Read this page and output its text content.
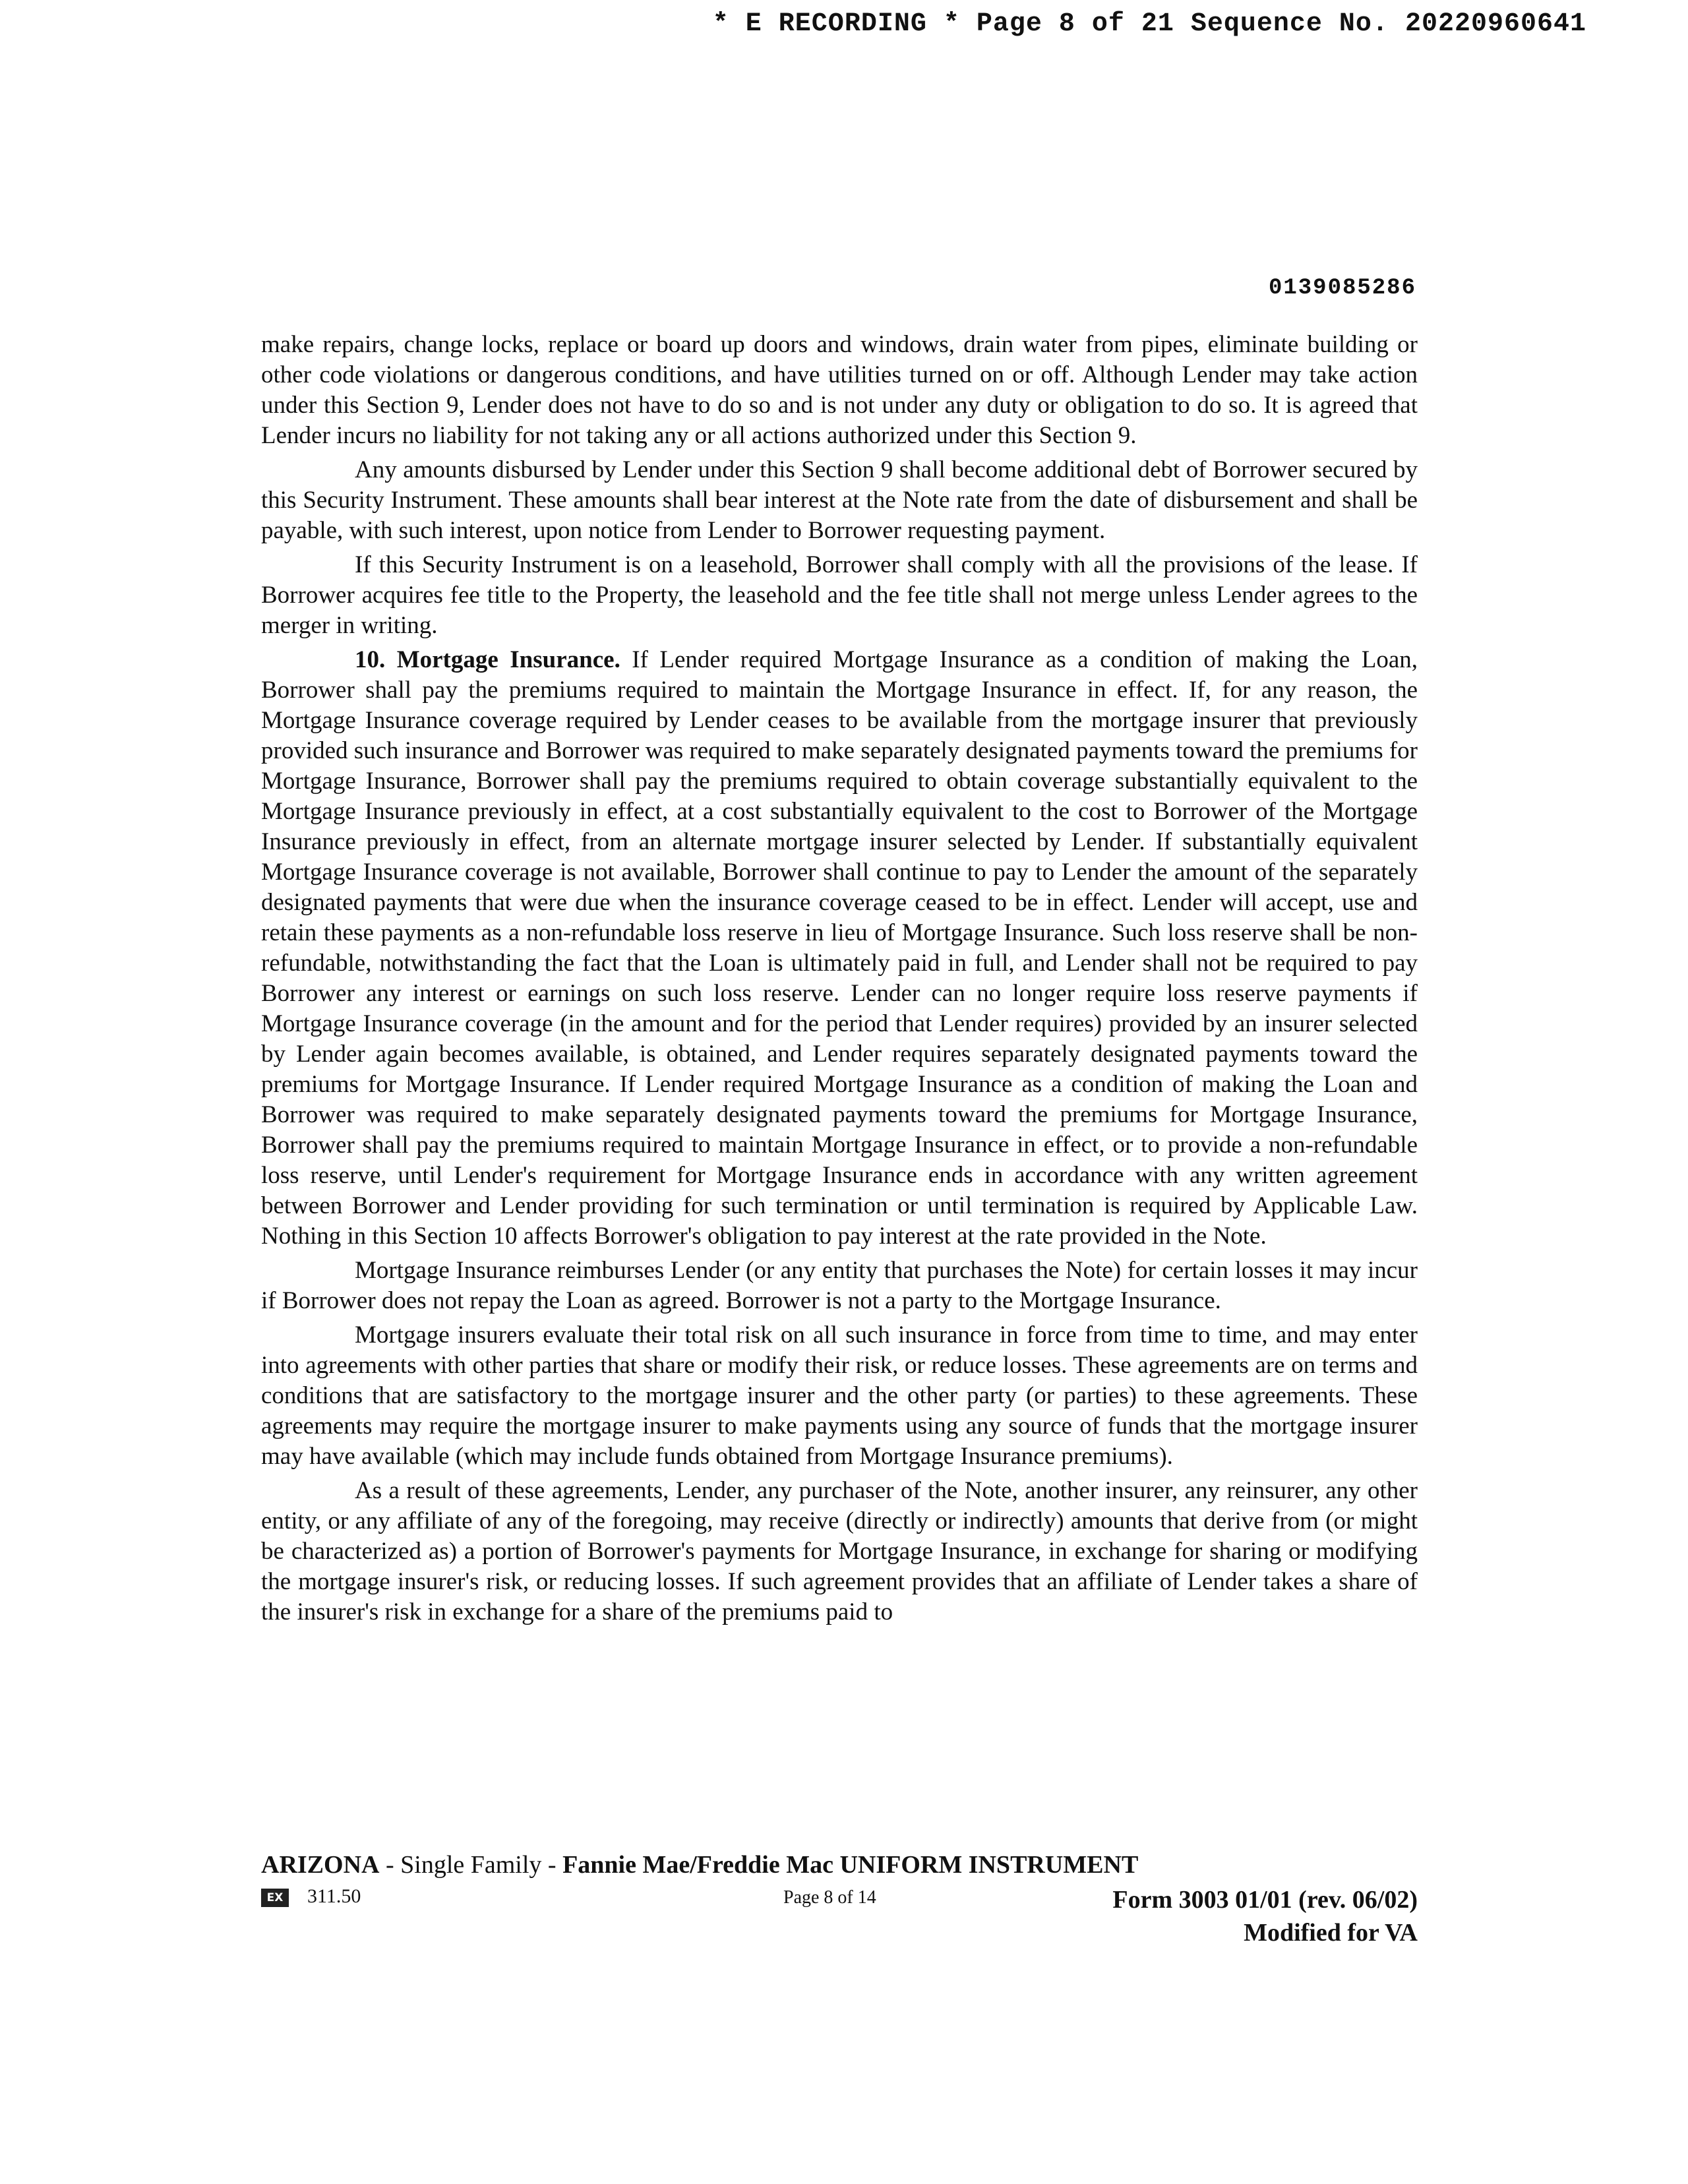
* E RECORDING * Page 8 of 21 Sequence No. 20220960641
0139085286

make repairs, change locks, replace or board up doors and windows, drain water from pipes, eliminate building or other code violations or dangerous conditions, and have utilities turned on or off. Although Lender may take action under this Section 9, Lender does not have to do so and is not under any duty or obligation to do so. It is agreed that Lender incurs no liability for not taking any or all actions authorized under this Section 9.

Any amounts disbursed by Lender under this Section 9 shall become additional debt of Borrower secured by this Security Instrument. These amounts shall bear interest at the Note rate from the date of disbursement and shall be payable, with such interest, upon notice from Lender to Borrower requesting payment.

If this Security Instrument is on a leasehold, Borrower shall comply with all the provisions of the lease. If Borrower acquires fee title to the Property, the leasehold and the fee title shall not merge unless Lender agrees to the merger in writing.

10. Mortgage Insurance. If Lender required Mortgage Insurance as a condition of making the Loan, Borrower shall pay the premiums required to maintain the Mortgage Insurance in effect. If, for any reason, the Mortgage Insurance coverage required by Lender ceases to be available from the mortgage insurer that previously provided such insurance and Borrower was required to make separately designated payments toward the premiums for Mortgage Insurance, Borrower shall pay the premiums required to obtain coverage substantially equivalent to the Mortgage Insurance previously in effect, at a cost substantially equivalent to the cost to Borrower of the Mortgage Insurance previously in effect, from an alternate mortgage insurer selected by Lender. If substantially equivalent Mortgage Insurance coverage is not available, Borrower shall continue to pay to Lender the amount of the separately designated payments that were due when the insurance coverage ceased to be in effect. Lender will accept, use and retain these payments as a non-refundable loss reserve in lieu of Mortgage Insurance. Such loss reserve shall be non-refundable, notwithstanding the fact that the Loan is ultimately paid in full, and Lender shall not be required to pay Borrower any interest or earnings on such loss reserve. Lender can no longer require loss reserve payments if Mortgage Insurance coverage (in the amount and for the period that Lender requires) provided by an insurer selected by Lender again becomes available, is obtained, and Lender requires separately designated payments toward the premiums for Mortgage Insurance. If Lender required Mortgage Insurance as a condition of making the Loan and Borrower was required to make separately designated payments toward the premiums for Mortgage Insurance, Borrower shall pay the premiums required to maintain Mortgage Insurance in effect, or to provide a non-refundable loss reserve, until Lender's requirement for Mortgage Insurance ends in accordance with any written agreement between Borrower and Lender providing for such termination or until termination is required by Applicable Law. Nothing in this Section 10 affects Borrower's obligation to pay interest at the rate provided in the Note.

Mortgage Insurance reimburses Lender (or any entity that purchases the Note) for certain losses it may incur if Borrower does not repay the Loan as agreed. Borrower is not a party to the Mortgage Insurance.

Mortgage insurers evaluate their total risk on all such insurance in force from time to time, and may enter into agreements with other parties that share or modify their risk, or reduce losses. These agreements are on terms and conditions that are satisfactory to the mortgage insurer and the other party (or parties) to these agreements. These agreements may require the mortgage insurer to make payments using any source of funds that the mortgage insurer may have available (which may include funds obtained from Mortgage Insurance premiums).

As a result of these agreements, Lender, any purchaser of the Note, another insurer, any reinsurer, any other entity, or any affiliate of any of the foregoing, may receive (directly or indirectly) amounts that derive from (or might be characterized as) a portion of Borrower's payments for Mortgage Insurance, in exchange for sharing or modifying the mortgage insurer's risk, or reducing losses. If such agreement provides that an affiliate of Lender takes a share of the insurer's risk in exchange for a share of the premiums paid to

ARIZONA - Single Family - Fannie Mae/Freddie Mac UNIFORM INSTRUMENT
EX 311.50	Page 8 of 14	Form 3003 01/01 (rev. 06/02)
Modified for VA
